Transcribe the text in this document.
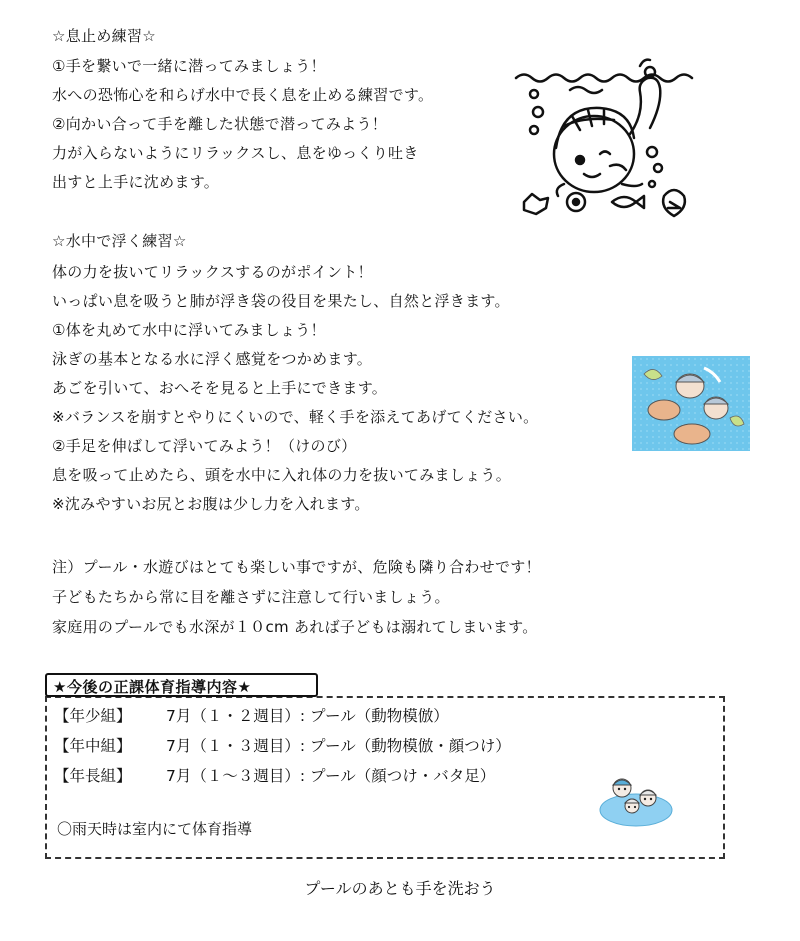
☆息止め練習☆
①手を繋いで一緒に潜ってみましょう！
水への恐怖心を和らげ水中で長く息を止める練習です。
②向かい合って手を離した状態で潜ってみよう！
力が入らないようにリラックスし、息をゆっくり吐き
出すと上手に沈めます。
☆水中で浮く練習☆
体の力を抜いてリラックスするのがポイント！
いっぱい息を吸うと肺が浮き袋の役目を果たし、自然と浮きます。
①体を丸めて水中に浮いてみましょう！
泳ぎの基本となる水に浮く感覚をつかめます。
あごを引いて、おへそを見ると上手にできます。
※バランスを崩すとやりにくいので、軽く手を添えてあげてください。
②手足を伸ばして浮いてみよう！（けのび）
息を吸って止めたら、頭を水中に入れ体の力を抜いてみましょう。
※沈みやすいお尻とお腹は少し力を入れます。
注）プール・水遊びはとても楽しい事ですが、危険も隣り合わせです！
子どもたちから常に目を離さずに注意して行いましょう。
家庭用のプールでも水深が１０cm あれば子どもは溺れてしまいます。
★今後の正課体育指導内容★
【年少組】 7月（１・２週目）: プール（動物模倣）
【年中組】 7月（１・３週目）: プール（動物模倣・顔つけ）
【年長組】 7月（１～３週目）: プール（顔つけ・バタ足）
〇雨天時は室内にて体育指導
プールのあとも手を洗おう
